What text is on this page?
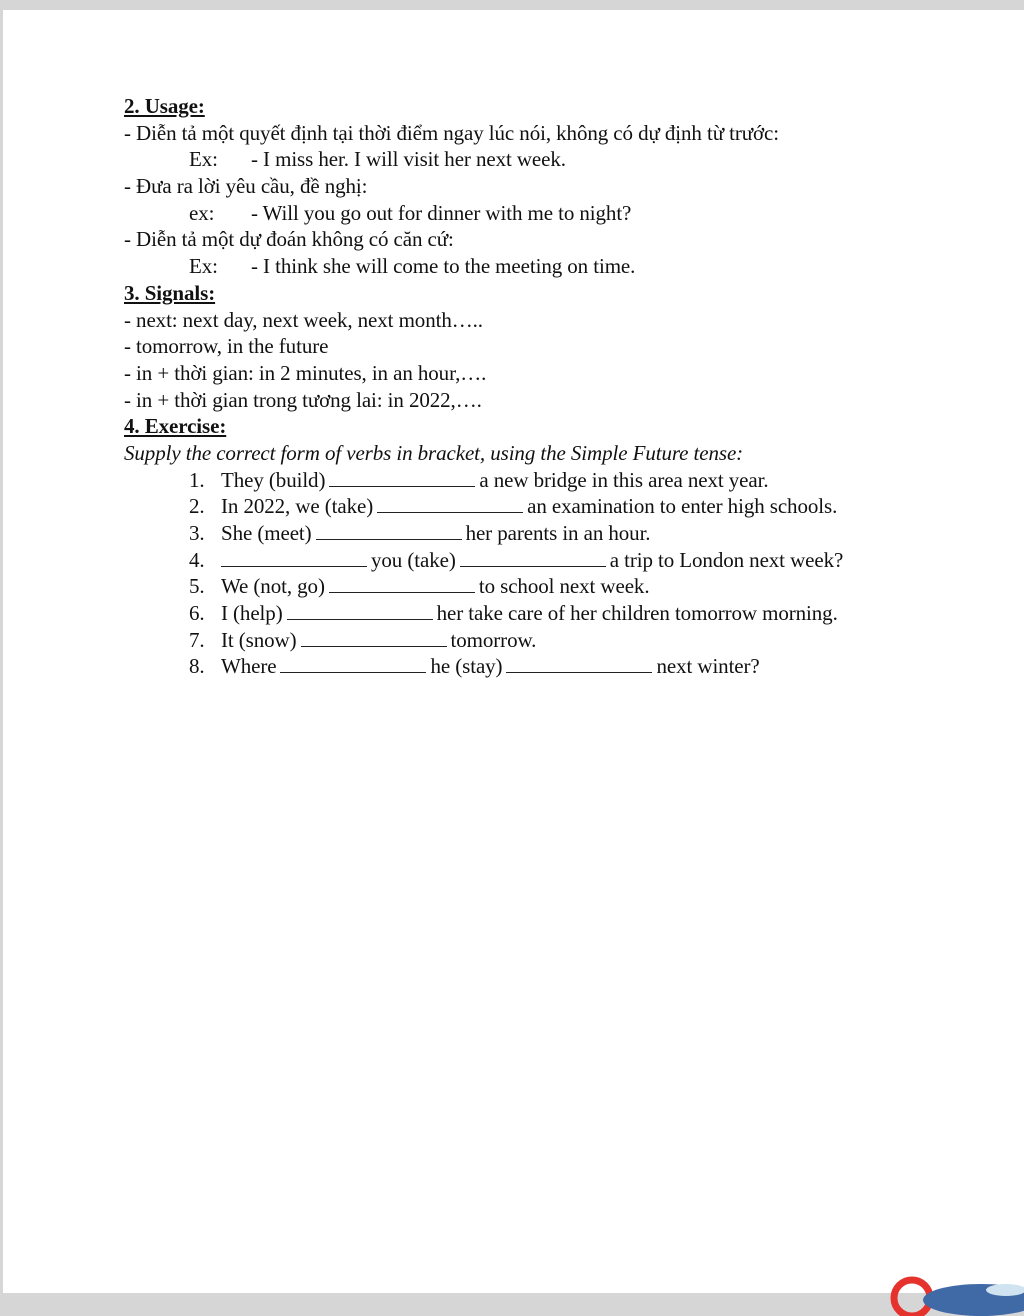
2. Usage:
- Diễn tả một quyết định tại thời điểm ngay lúc nói, không có dự định từ trước:
Ex: - I miss her. I will visit her next week.
- Đưa ra lời yêu cầu, đề nghị:
ex: - Will you go out for dinner with me to night?
- Diễn tả một dự đoán không có căn cứ:
Ex: - I think she will come to the meeting on time.
3. Signals:
- next: next day, next week, next month…..
- tomorrow, in the future
- in + thời gian: in 2 minutes, in an hour,….
- in + thời gian trong tương lai: in 2022,….
4. Exercise:
Supply the correct form of verbs in bracket, using the Simple Future tense:
1. They (build)	a new bridge in this area next year.
2. In 2022, we (take)	an examination to enter high schools.
3. She (meet)	her parents in an hour.
4.	you (take)	a trip to London next week?
5. We (not, go)	to school next week.
6. I (help)	her take care of her children tomorrow morning.
7. It (snow)	tomorrow.
8. Where	he (stay)	next winter?
